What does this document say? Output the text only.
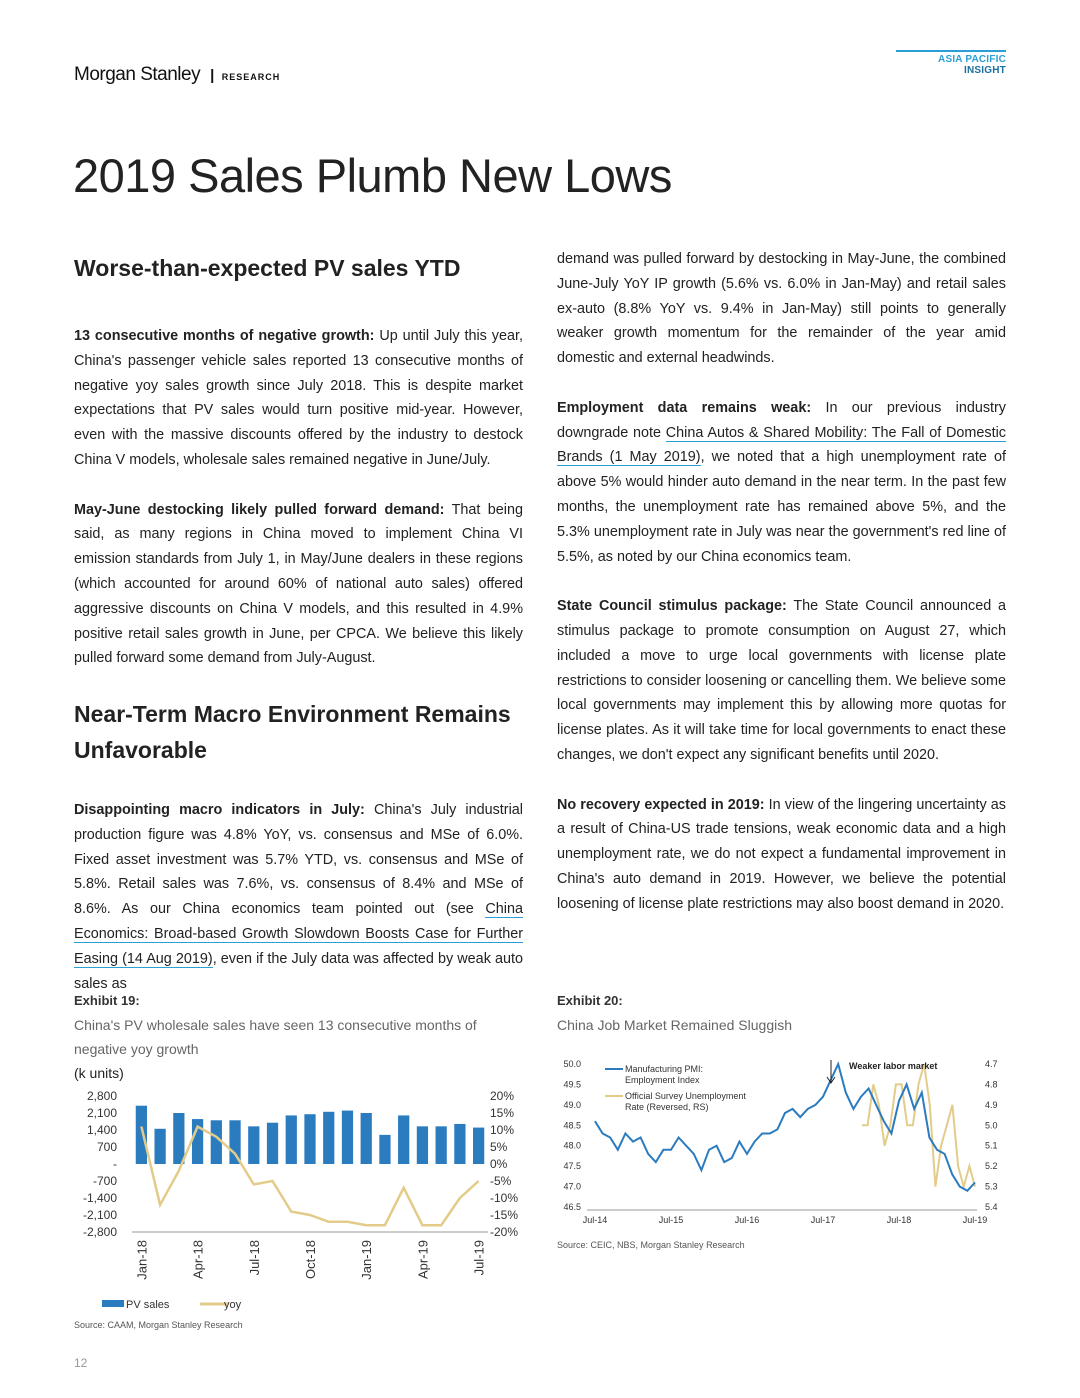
Morgan Stanley | RESEARCH
ASIA PACIFIC INSIGHT
2019 Sales Plumb New Lows
Worse-than-expected PV sales YTD

13 consecutive months of negative growth: Up until July this year, China's passenger vehicle sales reported 13 consecutive months of negative yoy sales growth since July 2018. This is despite market expectations that PV sales would turn positive mid-year. However, even with the massive discounts offered by the industry to destock China V models, wholesale sales remained negative in June/July.

May-June destocking likely pulled forward demand: That being said, as many regions in China moved to implement China VI emission standards from July 1, in May/June dealers in these regions (which accounted for around 60% of national auto sales) offered aggressive discounts on China V models, and this resulted in 4.9% positive retail sales growth in June, per CPCA. We believe this likely pulled forward some demand from July-August.

Near-Term Macro Environment Remains Unfavorable

Disappointing macro indicators in July: China's July industrial production figure was 4.8% YoY, vs. consensus and MSe of 6.0%. Fixed asset investment was 5.7% YTD, vs. consensus and MSe of 5.8%. Retail sales was 7.6%, vs. consensus of 8.4% and MSe of 8.6%. As our China economics team pointed out (see China Economics: Broad-based Growth Slowdown Boosts Case for Further Easing (14 Aug 2019), even if the July data was affected by weak auto sales as

demand was pulled forward by destocking in May-June, the combined June-July YoY IP growth (5.6% vs. 6.0% in Jan-May) and retail sales ex-auto (8.8% YoY vs. 9.4% in Jan-May) still points to generally weaker growth momentum for the remainder of the year amid domestic and external headwinds.

Employment data remains weak: In our previous industry downgrade note China Autos & Shared Mobility: The Fall of Domestic Brands (1 May 2019), we noted that a high unemployment rate of above 5% would hinder auto demand in the near term. In the past few months, the unemployment rate has remained above 5%, and the 5.3% unemployment rate in July was near the government's red line of 5.5%, as noted by our China economics team.

State Council stimulus package: The State Council announced a stimulus package to promote consumption on August 27, which included a move to urge local governments with license plate restrictions to consider loosening or cancelling them. We believe some local governments may implement this by allowing more quotas for license plates. As it will take time for local governments to enact these changes, we don't expect any significant benefits until 2020.

No recovery expected in 2019: In view of the lingering uncertainty as a result of China-US trade tensions, weak economic data and a high unemployment rate, we do not expect a fundamental improvement in China's auto demand in 2019. However, we believe the potential loosening of license plate restrictions may also boost demand in 2020.

Exhibit 19:
China's PV wholesale sales have seen 13 consecutive months of negative yoy growth
(k units)
2,800
2,100
1,400
700
-
-700
-1,400
-2,100
-2,800
20%
15%
10%
5%
0%
-5%
-10%
-15%
-20%
Jan-18	Apr-18	Jul-18	Oct-18	Jan-19	Apr-19	Jul-19
PV sales	yoy
Source: CAAM, Morgan Stanley Research
Exhibit 20:
China Job Market Remained Sluggish
50.0
49.5
49.0
48.5
48.0
47.5
47.0
46.5
4.7
4.8
4.9
5.0
5.1
5.2
5.3
5.4
Jul-14	Jul-15	Jul-16	Jul-17	Jul-18	Jul-19
Manufacturing PMI: Employment Index
Official Survey Unemployment Rate (Reversed, RS)
Weaker labor market
Source: CEIC, NBS, Morgan Stanley Research
12
